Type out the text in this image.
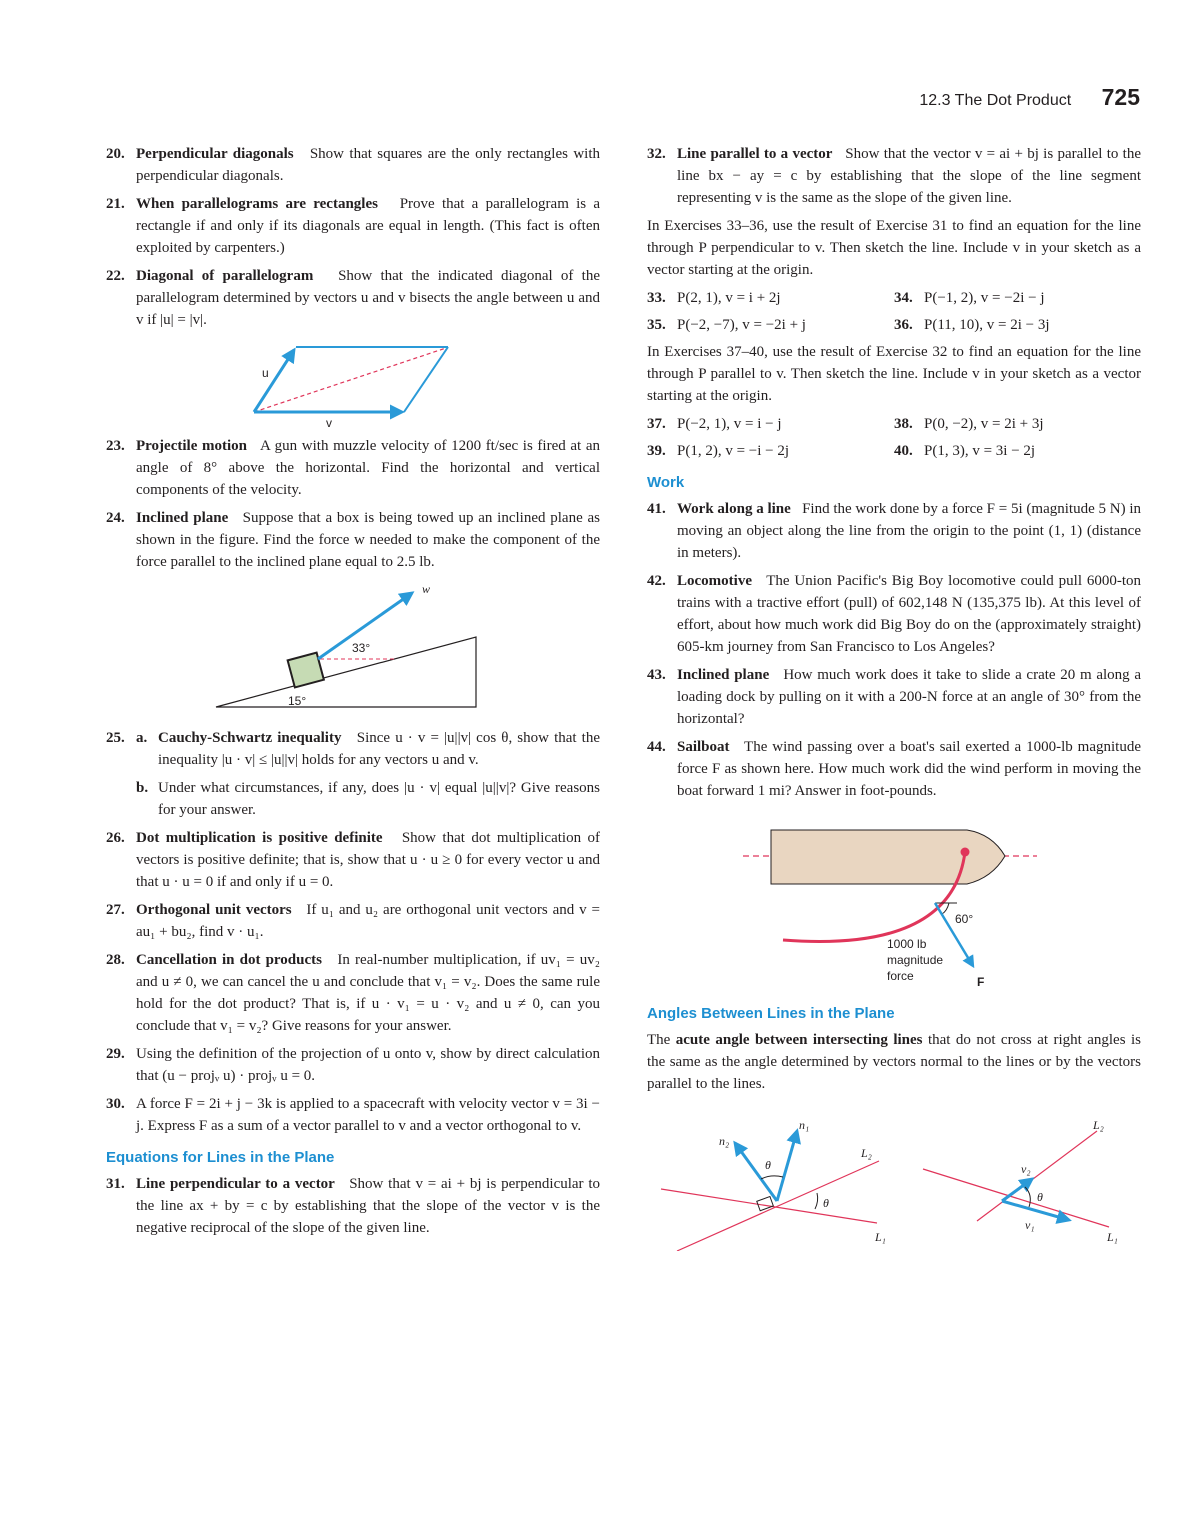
12.3 The Dot Product 725
20. Perpendicular diagonals Show that squares are the only rectangles with perpendicular diagonals.
21. When parallelograms are rectangles Prove that a parallelogram is a rectangle if and only if its diagonals are equal in length. (This fact is often exploited by carpenters.)
22. Diagonal of parallelogram Show that the indicated diagonal of the parallelogram determined by vectors u and v bisects the angle between u and v if |u| = |v|.
u
v
23. Projectile motion A gun with muzzle velocity of 1200 ft/sec is fired at an angle of 8° above the horizontal. Find the horizontal and vertical components of the velocity.
24. Inclined plane Suppose that a box is being towed up an inclined plane as shown in the figure. Find the force w needed to make the component of the force parallel to the inclined plane equal to 2.5 lb.
w
33°
15°
25. a. Cauchy-Schwartz inequality Since u · v = |u||v| cos θ, show that the inequality |u · v| ≤ |u||v| holds for any vectors u and v.
b. Under what circumstances, if any, does |u · v| equal |u||v|? Give reasons for your answer.
26. Dot multiplication is positive definite Show that dot multiplication of vectors is positive definite; that is, show that u · u ≥ 0 for every vector u and that u · u = 0 if and only if u = 0.
27. Orthogonal unit vectors If u₁ and u₂ are orthogonal unit vectors and v = au₁ + bu₂, find v · u₁.
28. Cancellation in dot products In real-number multiplication, if uv₁ = uv₂ and u ≠ 0, we can cancel the u and conclude that v₁ = v₂. Does the same rule hold for the dot product? That is, if u · v₁ = u · v₂ and u ≠ 0, can you conclude that v₁ = v₂? Give reasons for your answer.
29. Using the definition of the projection of u onto v, show by direct calculation that (u − projᵥ u) · projᵥ u = 0.
30. A force F = 2i + j − 3k is applied to a spacecraft with velocity vector v = 3i − j. Express F as a sum of a vector parallel to v and a vector orthogonal to v.
Equations for Lines in the Plane
31. Line perpendicular to a vector Show that v = ai + bj is perpendicular to the line ax + by = c by establishing that the slope of the vector v is the negative reciprocal of the slope of the given line.
32. Line parallel to a vector Show that the vector v = ai + bj is parallel to the line bx − ay = c by establishing that the slope of the line segment representing v is the same as the slope of the given line.
In Exercises 33–36, use the result of Exercise 31 to find an equation for the line through P perpendicular to v. Then sketch the line. Include v in your sketch as a vector starting at the origin.
33. P(2, 1), v = i + 2j	34. P(−1, 2), v = −2i − j
35. P(−2, −7), v = −2i + j	36. P(11, 10), v = 2i − 3j
In Exercises 37–40, use the result of Exercise 32 to find an equation for the line through P parallel to v. Then sketch the line. Include v in your sketch as a vector starting at the origin.
37. P(−2, 1), v = i − j	38. P(0, −2), v = 2i + 3j
39. P(1, 2), v = −i − 2j	40. P(1, 3), v = 3i − 2j
Work
41. Work along a line Find the work done by a force F = 5i (magnitude 5 N) in moving an object along the line from the origin to the point (1, 1) (distance in meters).
42. Locomotive The Union Pacific's Big Boy locomotive could pull 6000-ton trains with a tractive effort (pull) of 602,148 N (135,375 lb). At this level of effort, about how much work did Big Boy do on the (approximately straight) 605-km journey from San Francisco to Los Angeles?
43. Inclined plane How much work does it take to slide a crate 20 m along a loading dock by pulling on it with a 200-N force at an angle of 30° from the horizontal?
44. Sailboat The wind passing over a boat's sail exerted a 1000-lb magnitude force F as shown here. How much work did the wind perform in moving the boat forward 1 mi? Answer in foot-pounds.
60°
1000 lb
magnitude
force	F
Angles Between Lines in the Plane
The acute angle between intersecting lines that do not cross at right angles is the same as the angle determined by vectors normal to the lines or by the vectors parallel to the lines.
n₁
n₂
θ
θ
L₂
L₁
v₂
v₁
θ
L₂
L₁
